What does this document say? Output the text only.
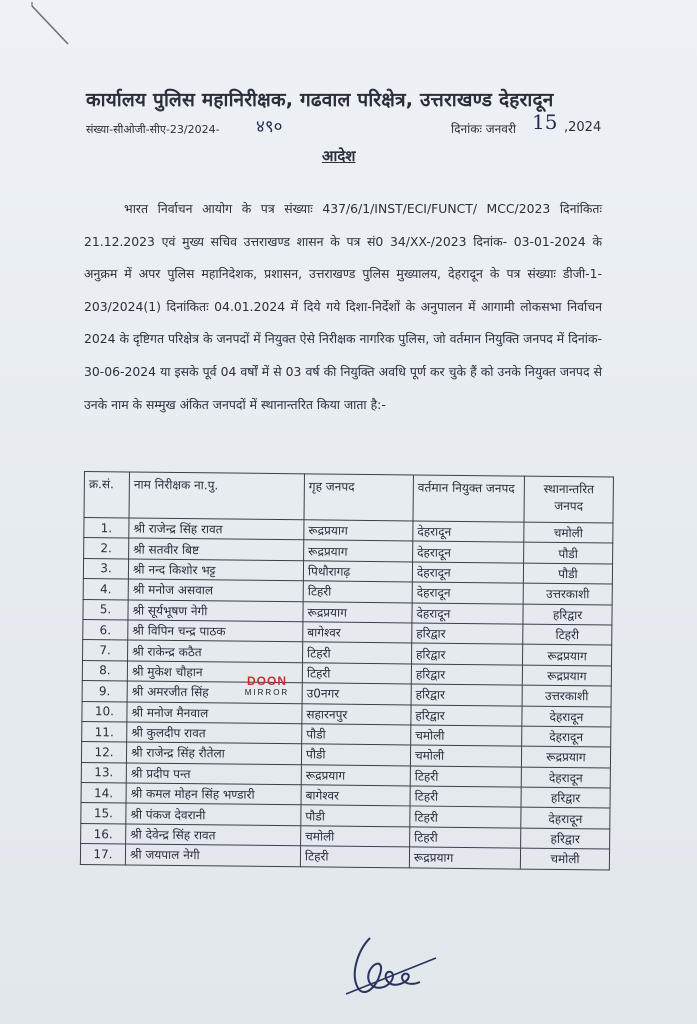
कार्यालय पुलिस महानिरीक्षक, गढवाल परिक्षेत्र, उत्तराखण्ड देहरादून
संख्या-सीओजी-सीए-23/2024- ४९०	दिनांकः जनवरी 15 ,2024
आदेश
भारत निर्वाचन आयोग के पत्र संख्याः 437/6/1/INST/ECI/FUNCT/ MCC/2023 दिनांकितः 21.12.2023 एवं मुख्य सचिव उत्तराखण्ड शासन के पत्र सं0 34/XX-/2023 दिनांक- 03-01-2024 के अनुक्रम में अपर पुलिस महानिदेशक, प्रशासन, उत्तराखण्ड पुलिस मुख्यालय, देहरादून के पत्र संख्याः डीजी-1-203/2024(1) दिनांकितः 04.01.2024 में दिये गये दिशा-निर्देशों के अनुपालन में आगामी लोकसभा निर्वाचन 2024 के दृष्टिगत परिक्षेत्र के जनपदों में नियुक्त ऐसे निरीक्षक नागरिक पुलिस, जो वर्तमान नियुक्ति जनपद में दिनांक- 30-06-2024 या इसके पूर्व 04 वर्षों में से 03 वर्ष की नियुक्ति अवधि पूर्ण कर चुके हैं को उनके नियुक्त जनपद से उनके नाम के सम्मुख अंकित जनपदों में स्थानान्तरित किया जाता है:-
क्र.सं.	नाम निरीक्षक ना.पु.	गृह जनपद	वर्तमान नियुक्त जनपद	स्थानान्तरित जनपद
1.	श्री राजेन्द्र सिंह रावत	रूद्रप्रयाग	देहरादून	चमोली
2.	श्री सतवीर बिष्ट	रूद्रप्रयाग	देहरादून	पौडी
3.	श्री नन्द किशोर भट्ट	पिथौरागढ़	देहरादून	पौडी
4.	श्री मनोज असवाल	टिहरी	देहरादून	उत्तरकाशी
5.	श्री सूर्यभूषण नेगी	रूद्रप्रयाग	देहरादून	हरिद्वार
6.	श्री विपिन चन्द्र पाठक	बागेश्वर	हरिद्वार	टिहरी
7.	श्री राकेन्द्र कठैत	टिहरी	हरिद्वार	रूद्रप्रयाग
8.	श्री मुकेश चौहान	टिहरी	हरिद्वार	रूद्रप्रयाग
9.	श्री अमरजीत सिंह	उ0नगर	हरिद्वार	उत्तरकाशी
10.	श्री मनोज मैनवाल	सहारनपुर	हरिद्वार	देहरादून
11.	श्री कुलदीप रावत	पौडी	चमोली	देहरादून
12.	श्री राजेन्द्र सिंह रौतेला	पौडी	चमोली	रूद्रप्रयाग
13.	श्री प्रदीप पन्त	रूद्रप्रयाग	टिहरी	देहरादून
14.	श्री कमल मोहन सिंह भण्डारी	बागेश्वर	टिहरी	हरिद्वार
15.	श्री पंकज देवरानी	पौडी	टिहरी	देहरादून
16.	श्री देवेन्द्र सिंह रावत	चमोली	टिहरी	हरिद्वार
17.	श्री जयपाल नेगी	टिहरी	रूद्रप्रयाग	चमोली
DOON
MIRROR
